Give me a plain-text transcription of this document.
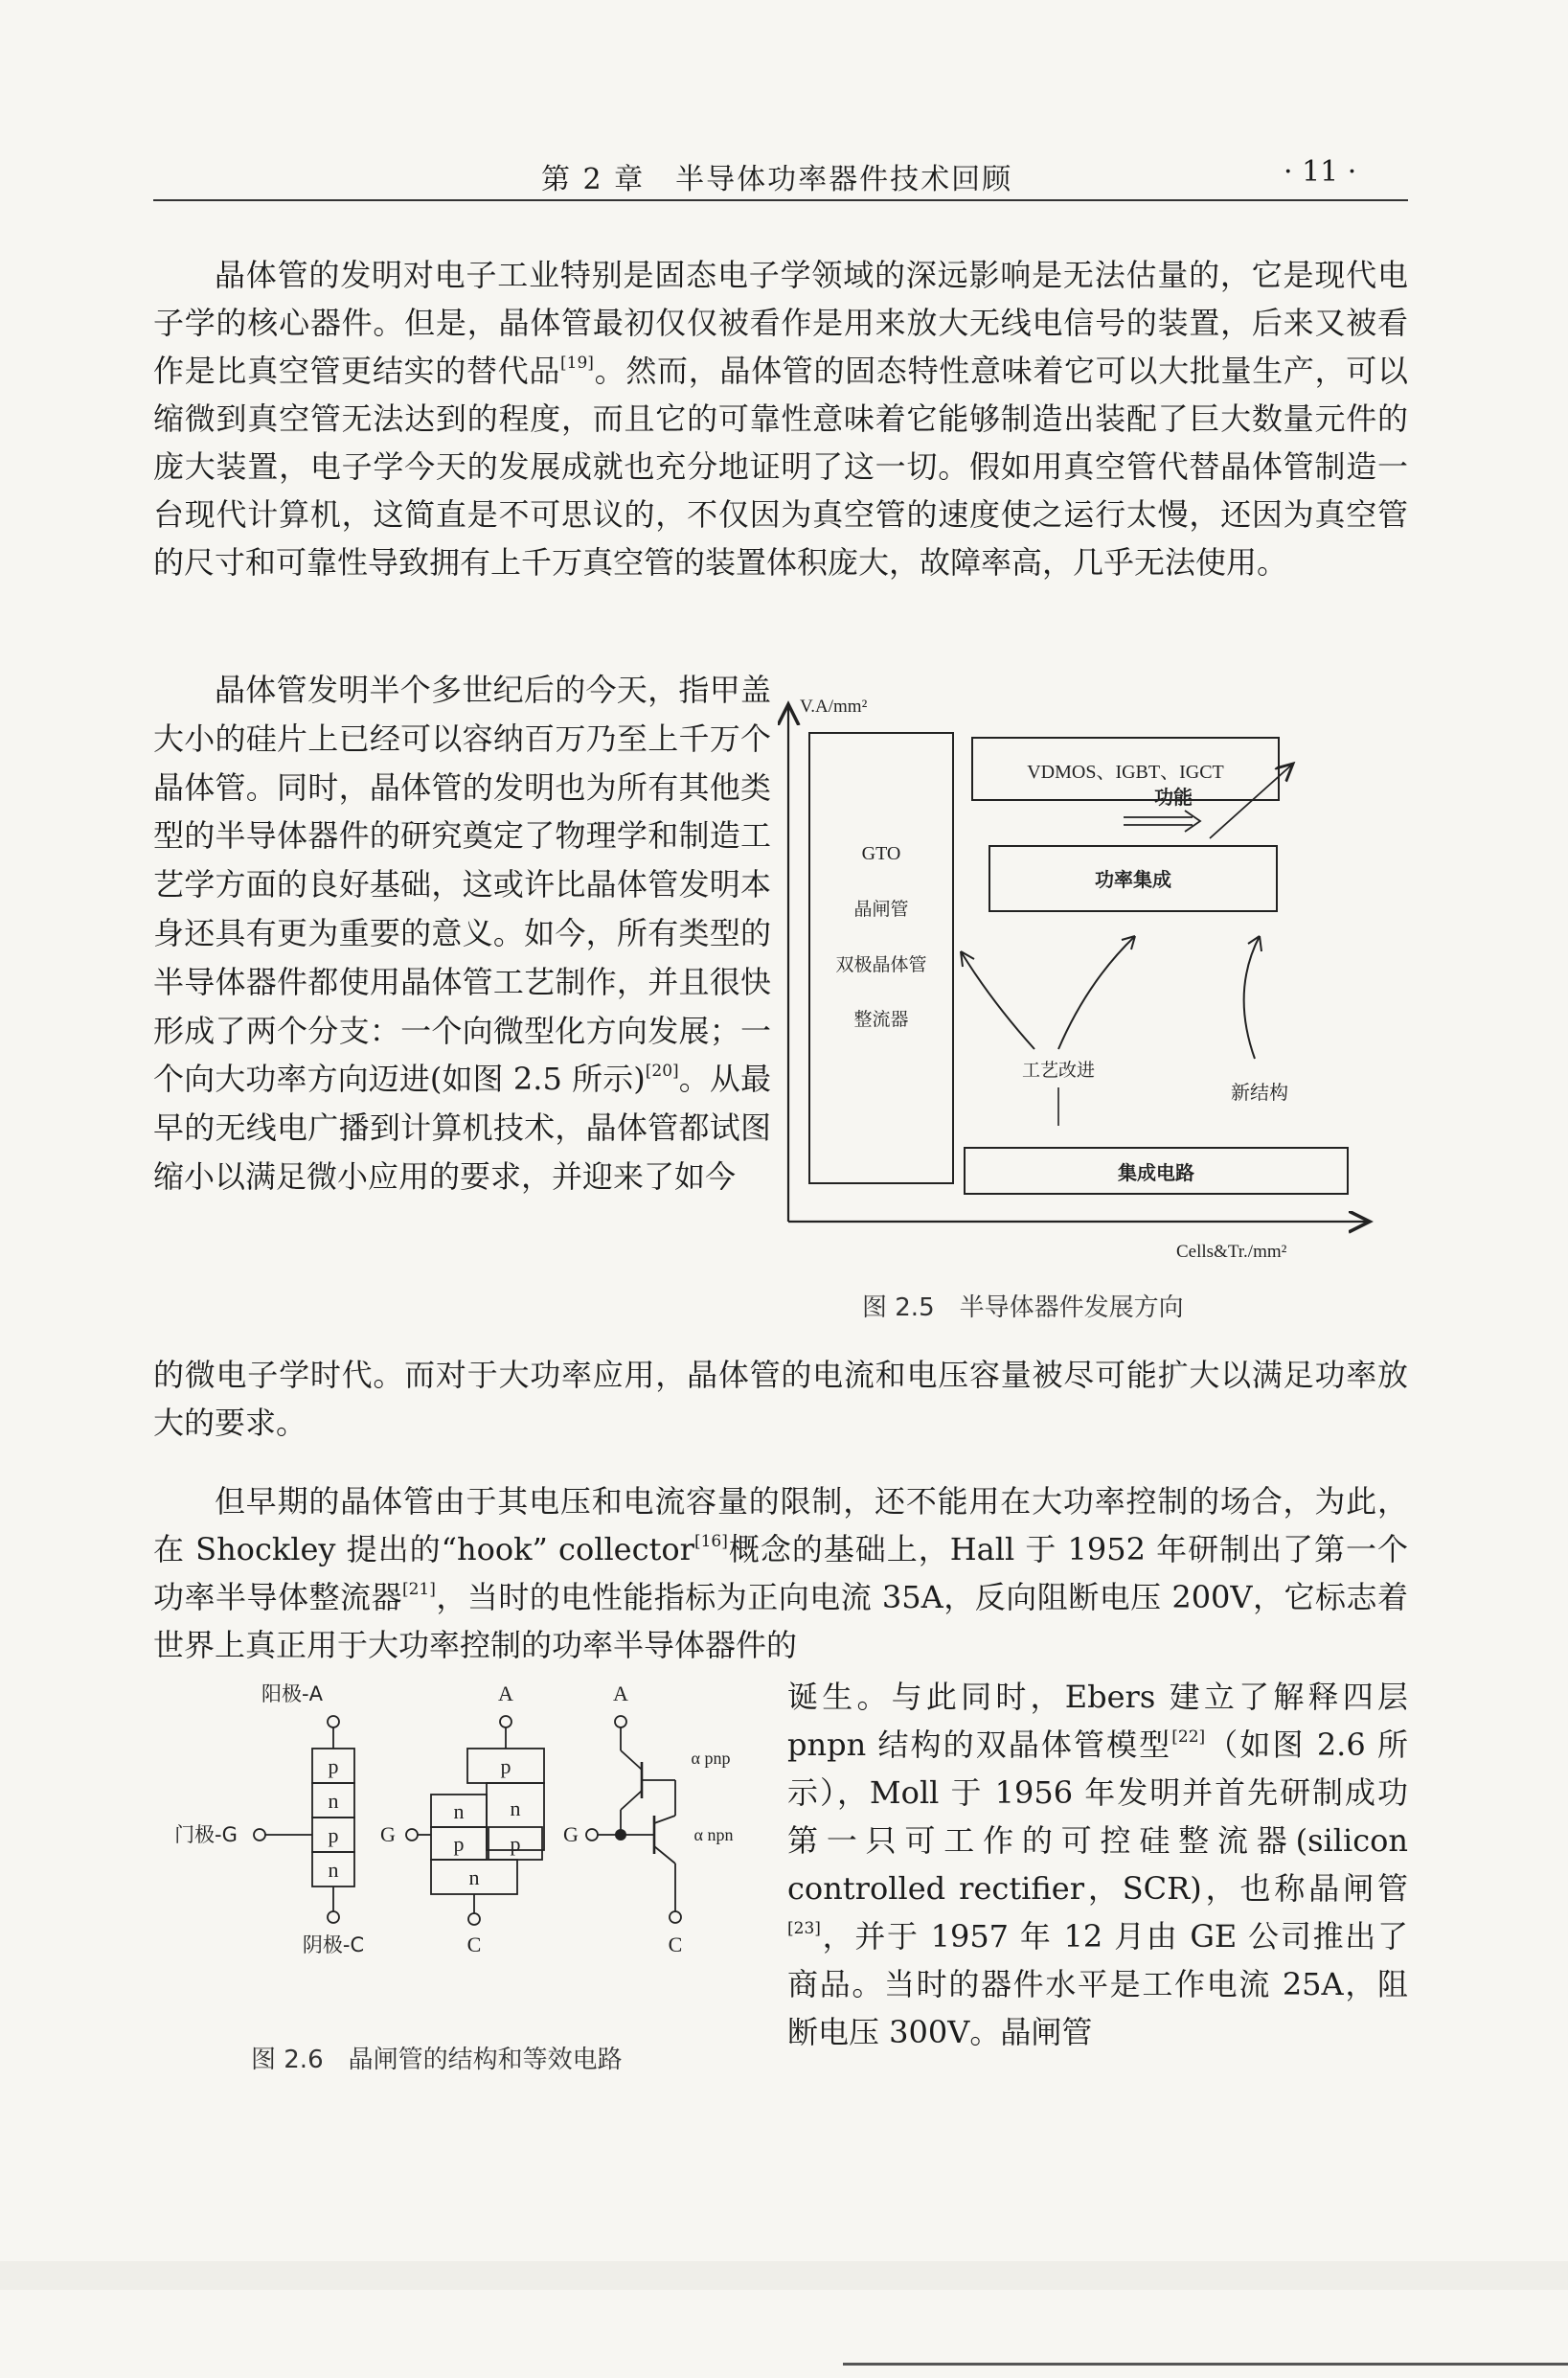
第 2 章　半导体功率器件技术回顾	· 11 ·

晶体管的发明对电子工业特别是固态电子学领域的深远影响是无法估量的，它是现代电子学的核心器件。但是，晶体管最初仅仅被看作是用来放大无线电信号的装置，后来又被看作是比真空管更结实的替代品[19]。然而，晶体管的固态特性意味着它可以大批量生产，可以缩微到真空管无法达到的程度，而且它的可靠性意味着它能够制造出装配了巨大数量元件的庞大装置，电子学今天的发展成就也充分地证明了这一切。假如用真空管代替晶体管制造一台现代计算机，这简直是不可思议的，不仅因为真空管的速度使之运行太慢，还因为真空管的尺寸和可靠性导致拥有上千万真空管的装置体积庞大，故障率高，几乎无法使用。

晶体管发明半个多世纪后的今天，指甲盖大小的硅片上已经可以容纳百万乃至上千万个晶体管。同时，晶体管的发明也为所有其他类型的半导体器件的研究奠定了物理学和制造工艺学方面的良好基础，这或许比晶体管发明本身还具有更为重要的意义。如今，所有类型的半导体器件都使用晶体管工艺制作，并且很快形成了两个分支：一个向微型化方向发展；一个向大功率方向迈进(如图 2.5 所示)[20]。从最早的无线电广播到计算机技术，晶体管都试图缩小以满足微小应用的要求，并迎来了如今

V.A/mm²
Cells&Tr./mm²
GTO
晶闸管
双极晶体管
整流器
VDMOS、IGBT、IGCT
功能
功率集成
工艺改进
新结构
集成电路
图 2.5　半导体器件发展方向

的微电子学时代。而对于大功率应用，晶体管的电流和电压容量被尽可能扩大以满足功率放大的要求。

但早期的晶体管由于其电压和电流容量的限制，还不能用在大功率控制的场合，为此，在 Shockley 提出的“hook” collector[16]概念的基础上，Hall 于 1952 年研制出了第一个功率半导体整流器[21]，当时的电性能指标为正向电流 35A，反向阻断电压 200V，它标志着世界上真正用于大功率控制的功率半导体器件的

阳极-A
p
n
p
n
门极-G
阴极-C
A
p
n
n
p p
n
G
C
A
α pnp
G
C
α npn
图 2.6　晶闸管的结构和等效电路

诞生。与此同时，Ebers 建立了解释四层 pnpn 结构的双晶体管模型[22]（如图 2.6 所示），Moll 于 1956 年发明并首先研制成功第一只可工作的可控硅整流器(silicon controlled rectifier，SCR)，也称晶闸管[23]，并于 1957 年 12 月由 GE 公司推出了商品。当时的器件水平是工作电流 25A，阻断电压 300V。晶闸管
